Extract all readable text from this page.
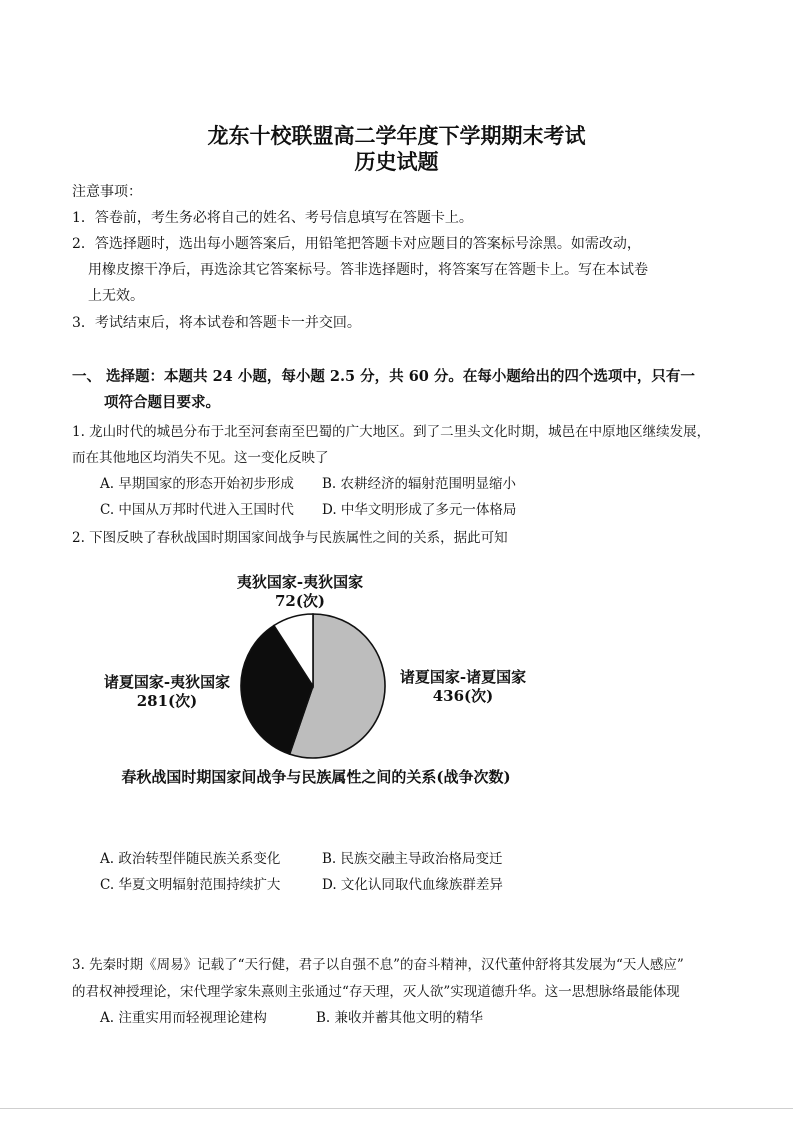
龙东十校联盟高二学年度下学期期末考试
历史试题
注意事项：
1．答卷前，考生务必将自己的姓名、考号信息填写在答题卡上。
2．答选择题时，选出每小题答案后，用铅笔把答题卡对应题目的答案标号涂黑。如需改动，
用橡皮擦干净后，再选涂其它答案标号。答非选择题时，将答案写在答题卡上。写在本试卷
上无效。
3．考试结束后，将本试卷和答题卡一并交回。
一、 选择题：本题共 24 小题，每小题 2.5 分，共 60 分。在每小题给出的四个选项中，只有一
项符合题目要求。
1. 龙山时代的城邑分布于北至河套南至巴蜀的广大地区。到了二里头文化时期，城邑在中原地区继续发展，
而在其他地区均消失不见。这一变化反映了
A. 早期国家的形态开始初步形成 B. 农耕经济的辐射范围明显缩小
C. 中国从万邦时代进入王国时代 D. 中华文明形成了多元一体格局
2. 下图反映了春秋战国时期国家间战争与民族属性之间的关系，据此可知
夷狄国家-夷狄国家
72(次)
诸夏国家-夷狄国家
281(次)
诸夏国家-诸夏国家
436(次)
春秋战国时期国家间战争与民族属性之间的关系(战争次数)
A. 政治转型伴随民族关系变化	B. 民族交融主导政治格局变迁
C. 华夏文明辐射范围持续扩大	D. 文化认同取代血缘族群差异
3. 先秦时期《周易》记载了“天行健，君子以自强不息”的奋斗精神，汉代董仲舒将其发展为“天人感应”
的君权神授理论，宋代理学家朱熹则主张通过“存天理，灭人欲”实现道德升华。这一思想脉络最能体现
A. 注重实用而轻视理论建构	B. 兼收并蓄其他文明的精华
